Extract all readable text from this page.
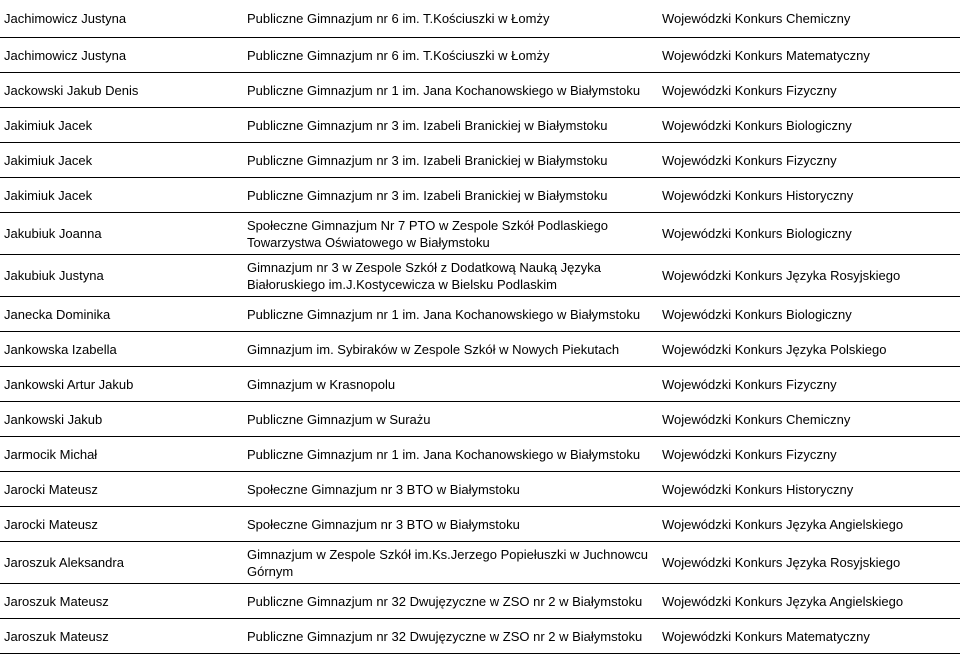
Jachimowicz Justyna	Publiczne Gimnazjum nr 6 im. T.Kościuszki w Łomży	Wojewódzki Konkurs Chemiczny
Jachimowicz Justyna	Publiczne Gimnazjum nr 6 im. T.Kościuszki w Łomży	Wojewódzki Konkurs Matematyczny
Jackowski Jakub Denis	Publiczne Gimnazjum nr 1 im. Jana Kochanowskiego w Białymstoku	Wojewódzki Konkurs Fizyczny
Jakimiuk Jacek	Publiczne Gimnazjum nr 3 im. Izabeli Branickiej w Białymstoku	Wojewódzki Konkurs Biologiczny
Jakimiuk Jacek	Publiczne Gimnazjum nr 3 im. Izabeli Branickiej w Białymstoku	Wojewódzki Konkurs Fizyczny
Jakimiuk Jacek	Publiczne Gimnazjum nr 3 im. Izabeli Branickiej w Białymstoku	Wojewódzki Konkurs Historyczny
Jakubiuk Joanna	Społeczne Gimnazjum Nr 7 PTO w Zespole Szkół Podlaskiego Towarzystwa Oświatowego w Białymstoku	Wojewódzki Konkurs Biologiczny
Jakubiuk Justyna	Gimnazjum nr 3 w Zespole Szkół z Dodatkową Nauką Języka Białoruskiego im.J.Kostycewicza w Bielsku Podlaskim	Wojewódzki Konkurs Języka Rosyjskiego
Janecka Dominika	Publiczne Gimnazjum nr 1 im. Jana Kochanowskiego w Białymstoku	Wojewódzki Konkurs Biologiczny
Jankowska Izabella	Gimnazjum im. Sybiraków w Zespole Szkół w Nowych Piekutach	Wojewódzki Konkurs Języka Polskiego
Jankowski Artur Jakub	Gimnazjum w Krasnopolu	Wojewódzki Konkurs Fizyczny
Jankowski Jakub	Publiczne Gimnazjum w Surażu	Wojewódzki Konkurs Chemiczny
Jarmocik Michał	Publiczne Gimnazjum nr 1 im. Jana Kochanowskiego w Białymstoku	Wojewódzki Konkurs Fizyczny
Jarocki Mateusz	Społeczne Gimnazjum nr 3 BTO w Białymstoku	Wojewódzki Konkurs Historyczny
Jarocki Mateusz	Społeczne Gimnazjum nr 3 BTO w Białymstoku	Wojewódzki Konkurs Języka Angielskiego
Jaroszuk Aleksandra	Gimnazjum w Zespole Szkół im.Ks.Jerzego Popiełuszki w Juchnowcu Górnym	Wojewódzki Konkurs Języka Rosyjskiego
Jaroszuk Mateusz	Publiczne Gimnazjum nr 32 Dwujęzyczne w ZSO nr 2 w Białymstoku	Wojewódzki Konkurs Języka Angielskiego
Jaroszuk Mateusz	Publiczne Gimnazjum nr 32 Dwujęzyczne w ZSO nr 2 w Białymstoku	Wojewódzki Konkurs Matematyczny
